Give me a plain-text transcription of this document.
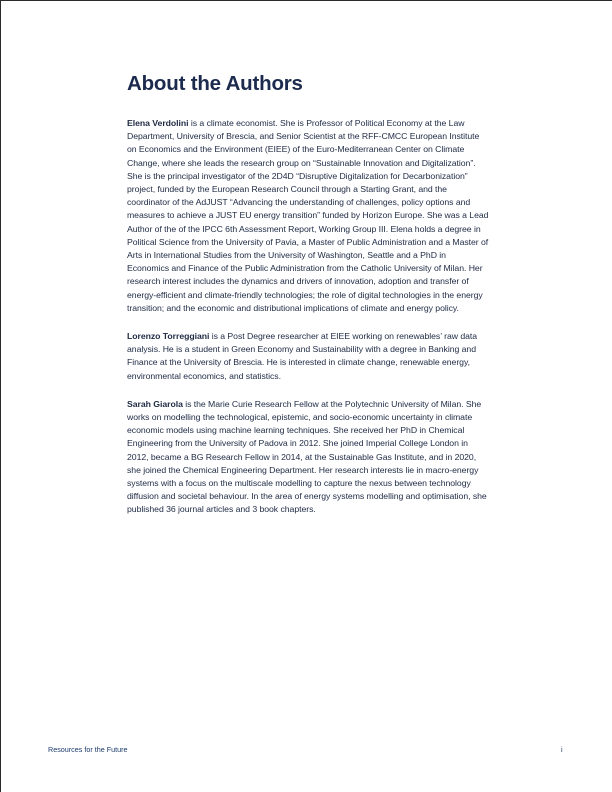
About the Authors

Elena Verdolini is a climate economist. She is Professor of Political Economy at the Law Department, University of Brescia, and Senior Scientist at the RFF-CMCC European Institute on Economics and the Environment (EIEE) of the Euro-Mediterranean Center on Climate Change, where she leads the research group on “Sustainable Innovation and Digitalization”. She is the principal investigator of the 2D4D “Disruptive Digitalization for Decarbonization” project, funded by the European Research Council through a Starting Grant, and the coordinator of the AdJUST “Advancing the understanding of challenges, policy options and measures to achieve a JUST EU energy transition” funded by Horizon Europe. She was a Lead Author of the of the IPCC 6th Assessment Report, Working Group III. Elena holds a degree in Political Science from the University of Pavia, a Master of Public Administration and a Master of Arts in International Studies from the University of Washington, Seattle and a PhD in Economics and Finance of the Public Administration from the Catholic University of Milan. Her research interest includes the dynamics and drivers of innovation, adoption and transfer of energy-efficient and climate-friendly technologies; the role of digital technologies in the energy transition; and the economic and distributional implications of climate and energy policy.

Lorenzo Torreggiani is a Post Degree researcher at EIEE working on renewables’ raw data analysis. He is a student in Green Economy and Sustainability with a degree in Banking and Finance at the University of Brescia. He is interested in climate change, renewable energy, environmental economics, and statistics.

Sarah Giarola is the Marie Curie Research Fellow at the Polytechnic University of Milan. She works on modelling the technological, epistemic, and socio-economic uncertainty in climate economic models using machine learning techniques. She received her PhD in Chemical Engineering from the University of Padova in 2012. She joined Imperial College London in 2012, became a BG Research Fellow in 2014, at the Sustainable Gas Institute, and in 2020, she joined the Chemical Engineering Department. Her research interests lie in macro-energy systems with a focus on the multiscale modelling to capture the nexus between technology diffusion and societal behaviour. In the area of energy systems modelling and optimisation, she published 36 journal articles and 3 book chapters.

Resources for the Future	i
